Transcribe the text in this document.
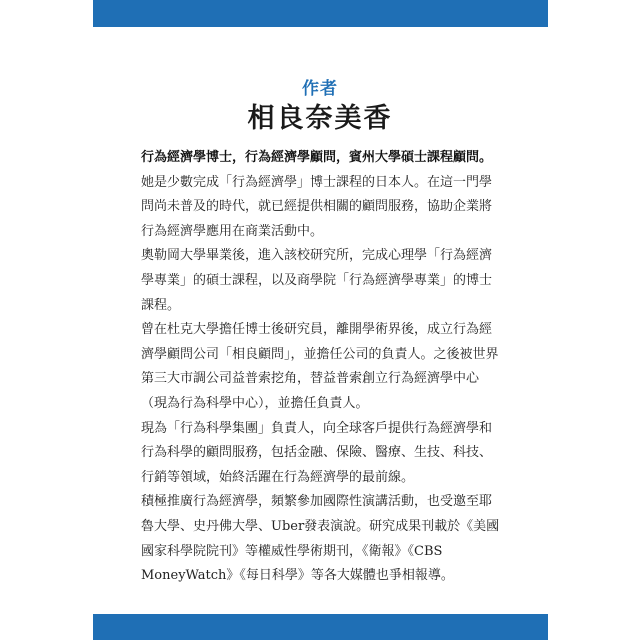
作者
相良奈美香

行為經濟學博士，行為經濟學顧問，賓州大學碩士課程顧問。

她是少數完成「行為經濟學」博士課程的日本人。在這一門學問尚未普及的時代，就已經提供相關的顧問服務，協助企業將行為經濟學應用在商業活動中。

奧勒岡大學畢業後，進入該校研究所，完成心理學「行為經濟學專業」的碩士課程，以及商學院「行為經濟學專業」的博士課程。

曾在杜克大學擔任博士後研究員，離開學術界後，成立行為經濟學顧問公司「相良顧問」，並擔任公司的負責人。之後被世界第三大市調公司益普索挖角，替益普索創立行為經濟學中心（現為行為科學中心），並擔任負責人。

現為「行為科學集團」負責人，向全球客戶提供行為經濟學和行為科學的顧問服務，包括金融、保險、醫療、生技、科技、行銷等領域，始終活躍在行為經濟學的最前線。

積極推廣行為經濟學，頻繁參加國際性演講活動，也受邀至耶魯大學、史丹佛大學、Uber發表演說。研究成果刊載於《美國國家科學院院刊》等權威性學術期刊，《衛報》《CBS MoneyWatch》《每日科學》等各大媒體也爭相報導。
